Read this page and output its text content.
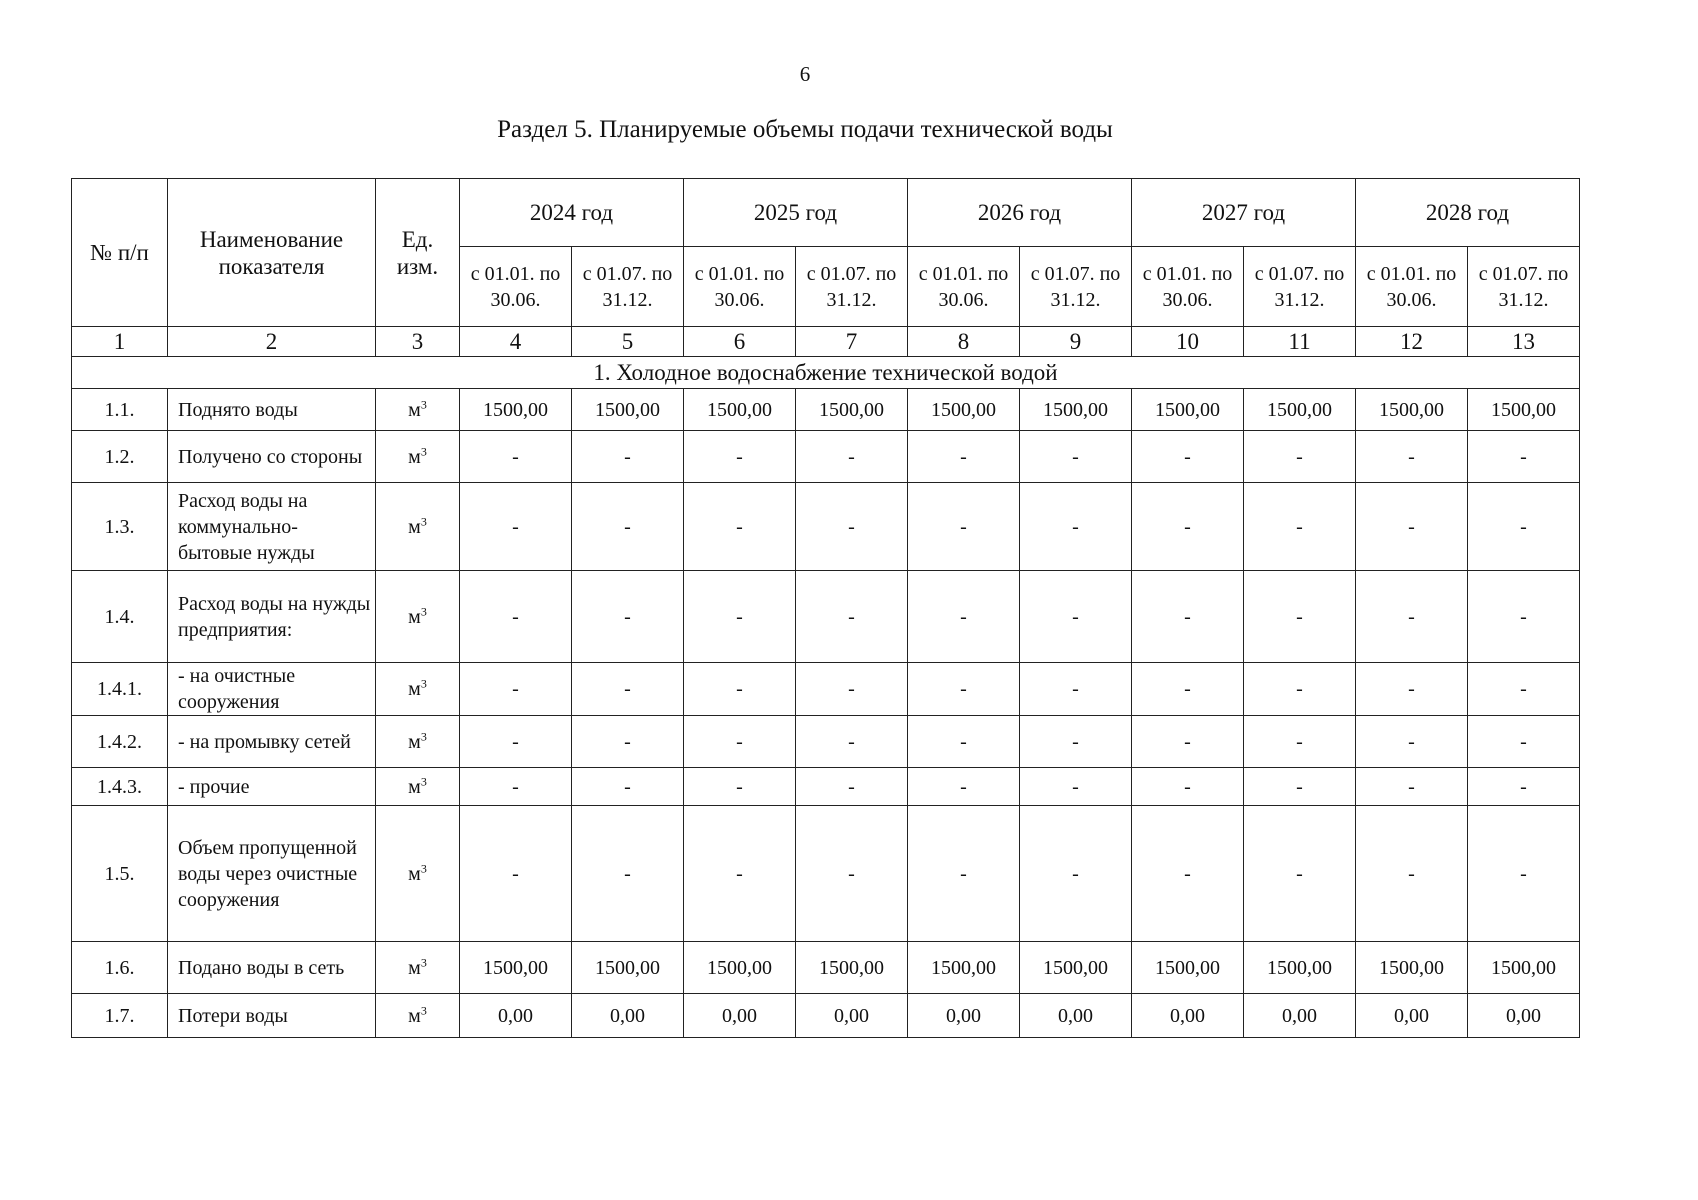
6
Раздел 5. Планируемые объемы подачи технической воды
№ п/п	Наименование показателя	Ед. изм.	2024 год		2025 год		2026 год		2027 год		2028 год	
			с 01.01. по 30.06.	с 01.07. по 31.12.	с 01.01. по 30.06.	с 01.07. по 31.12.	с 01.01. по 30.06.	с 01.07. по 31.12.	с 01.01. по 30.06.	с 01.07. по 31.12.	с 01.01. по 30.06.	с 01.07. по 31.12.
1	2	3	4	5	6	7	8	9	10	11	12	13
1. Холодное водоснабжение технической водой												
1.1.	Поднято воды	$м^3$	1500,00	1500,00	1500,00	1500,00	1500,00	1500,00	1500,00	1500,00	1500,00	1500,00
1.2.	Получено со стороны	$м^3$	-	-	-	-	-	-	-	-	-	-
1.3.	Расход воды на коммунально-бытовые нужды	$м^3$	-	-	-	-	-	-	-	-	-	-
1.4.	Расход воды на нужды предприятия:	$м^3$	-	-	-	-	-	-	-	-	-	-
1.4.1.	- на очистные сооружения	$м^3$	-	-	-	-	-	-	-	-	-	-
1.4.2.	- на промывку сетей	$м^3$	-	-	-	-	-	-	-	-	-	-
1.4.3.	- прочие	$м^3$	-	-	-	-	-	-	-	-	-	-
1.5.	Объем пропущенной воды через очистные сооружения	$м^3$	-	-	-	-	-	-	-	-	-	-
1.6.	Подано воды в сеть	$м^3$	1500,00	1500,00	1500,00	1500,00	1500,00	1500,00	1500,00	1500,00	1500,00	1500,00
1.7.	Потери воды	$м^3$	0,00	0,00	0,00	0,00	0,00	0,00	0,00	0,00	0,00	0,00
